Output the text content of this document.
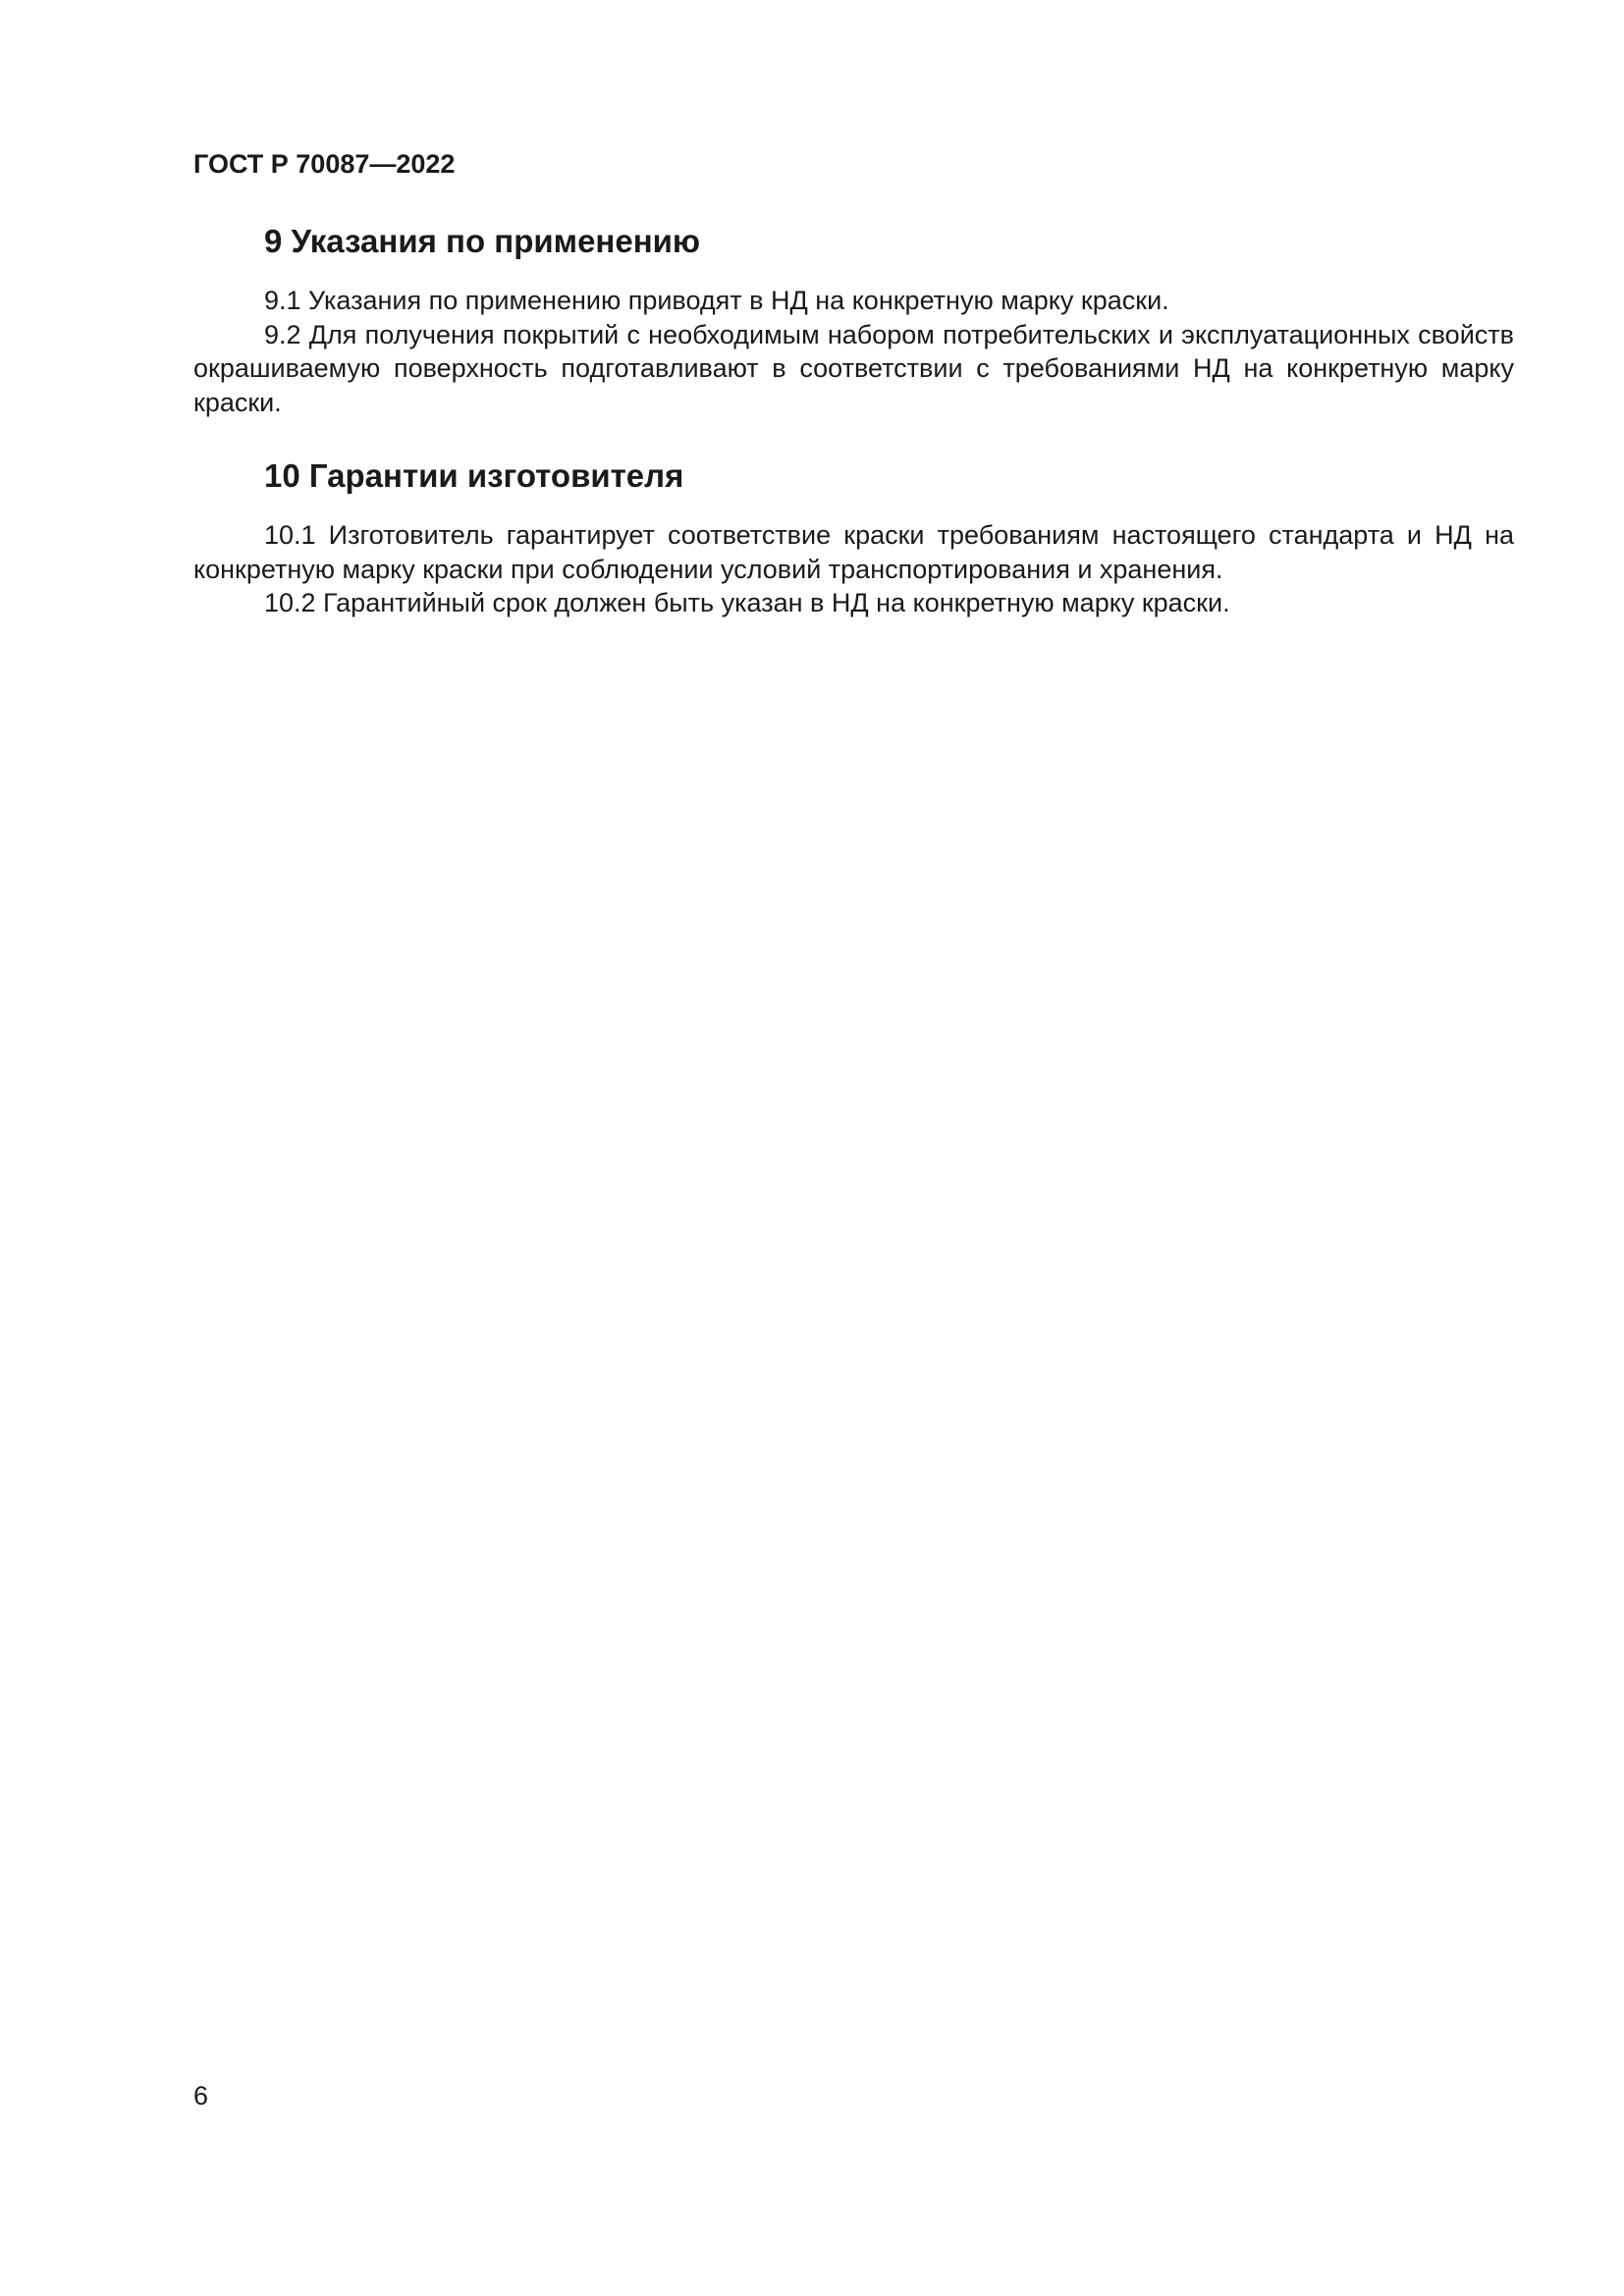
ГОСТ Р 70087—2022
9 Указания по применению

9.1 Указания по применению приводят в НД на конкретную марку краски.

9.2 Для получения покрытий с необходимым набором потребительских и эксплуатационных свойств окрашиваемую поверхность подготавливают в соответствии с требованиями НД на конкретную марку краски.

10 Гарантии изготовителя

10.1 Изготовитель гарантирует соответствие краски требованиям настоящего стандарта и НД на конкретную марку краски при соблюдении условий транспортирования и хранения.

10.2 Гарантийный срок должен быть указан в НД на конкретную марку краски.

6
